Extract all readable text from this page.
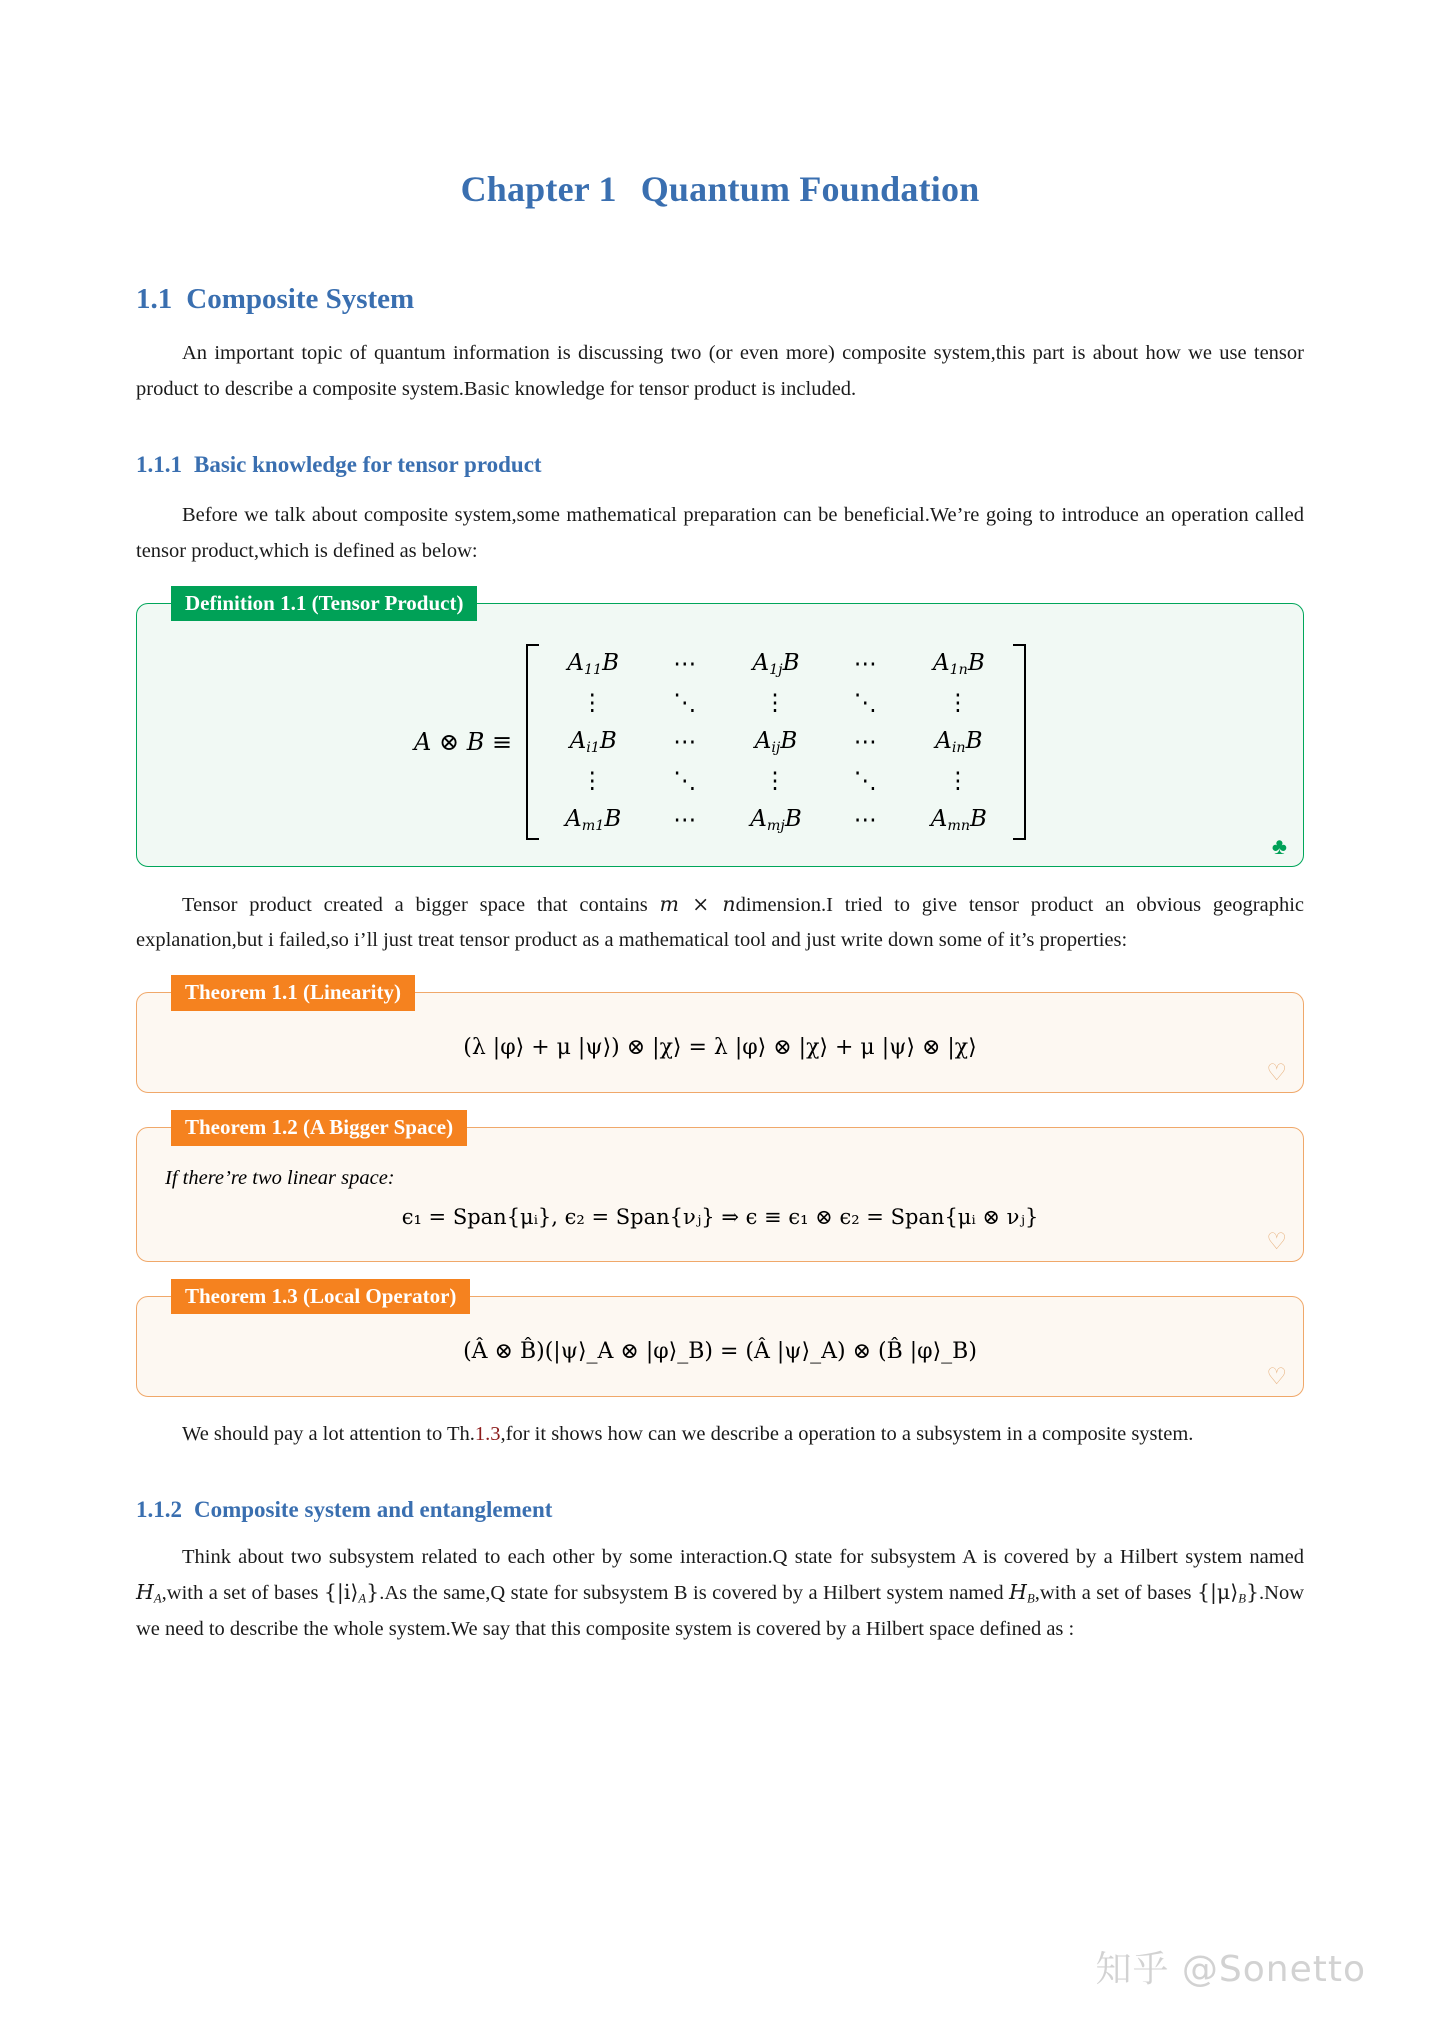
Chapter 1 Quantum Foundation
1.1 Composite System

An important topic of quantum information is discussing two (or even more) composite system,this part is about how we use tensor product to describe a composite system.Basic knowledge for tensor product is included.

1.1.1 Basic knowledge for tensor product

Before we talk about composite system,some mathematical preparation can be beneficial.We’re going to introduce an operation called tensor product,which is defined as below:

Definition 1.1 (Tensor Product)
A ⊗ B ≡
$A_{11}B$	⋯	$A_{1j}B$	⋯	$A_{1n}B$
⋮	⋱	⋮	⋱	⋮
$A_{i1}B$	⋯	$A_{ij}B$	⋯	$A_{in}B$
⋮	⋱	⋮	⋱	⋮
$A_{m1}B$	⋯	$A_{mj}B$	⋯	$A_{mn}B$
♣

Tensor product created a bigger space that contains m × ndimension.I tried to give tensor product an obvious geographic explanation,but i failed,so i’ll just treat tensor product as a mathematical tool and just write down some of it’s properties:

Theorem 1.1 (Linearity)
(λ |φ⟩ + μ |ψ⟩) ⊗ |χ⟩ = λ |φ⟩ ⊗ |χ⟩ + μ |ψ⟩ ⊗ |χ⟩
♡
Theorem 1.2 (A Bigger Space)
If there’re two linear space:
ϵ₁ = Span{μᵢ}, ϵ₂ = Span{νⱼ} ⇒ ϵ ≡ ϵ₁ ⊗ ϵ₂ = Span{μᵢ ⊗ νⱼ}
♡
Theorem 1.3 (Local Operator)
(Â ⊗ B̂)(|ψ⟩_A ⊗ |φ⟩_B) = (Â |ψ⟩_A) ⊗ (B̂ |φ⟩_B)
♡

We should pay a lot attention to Th.1.3,for it shows how can we describe a operation to a subsystem in a composite system.

1.1.2 Composite system and entanglement

Think about two subsystem related to each other by some interaction.Q state for subsystem A is covered by a Hilbert system named $H_A,with$ a set of bases $\{|i⟩_A\}.As$ the same,Q state for subsystem B is covered by a Hilbert system named $H_B,with$ a set of bases $\{|\mu⟩_B\}.Now$ we need to describe the whole system.We say that this composite system is covered by a Hilbert space defined as :

知乎 @Sonetto
